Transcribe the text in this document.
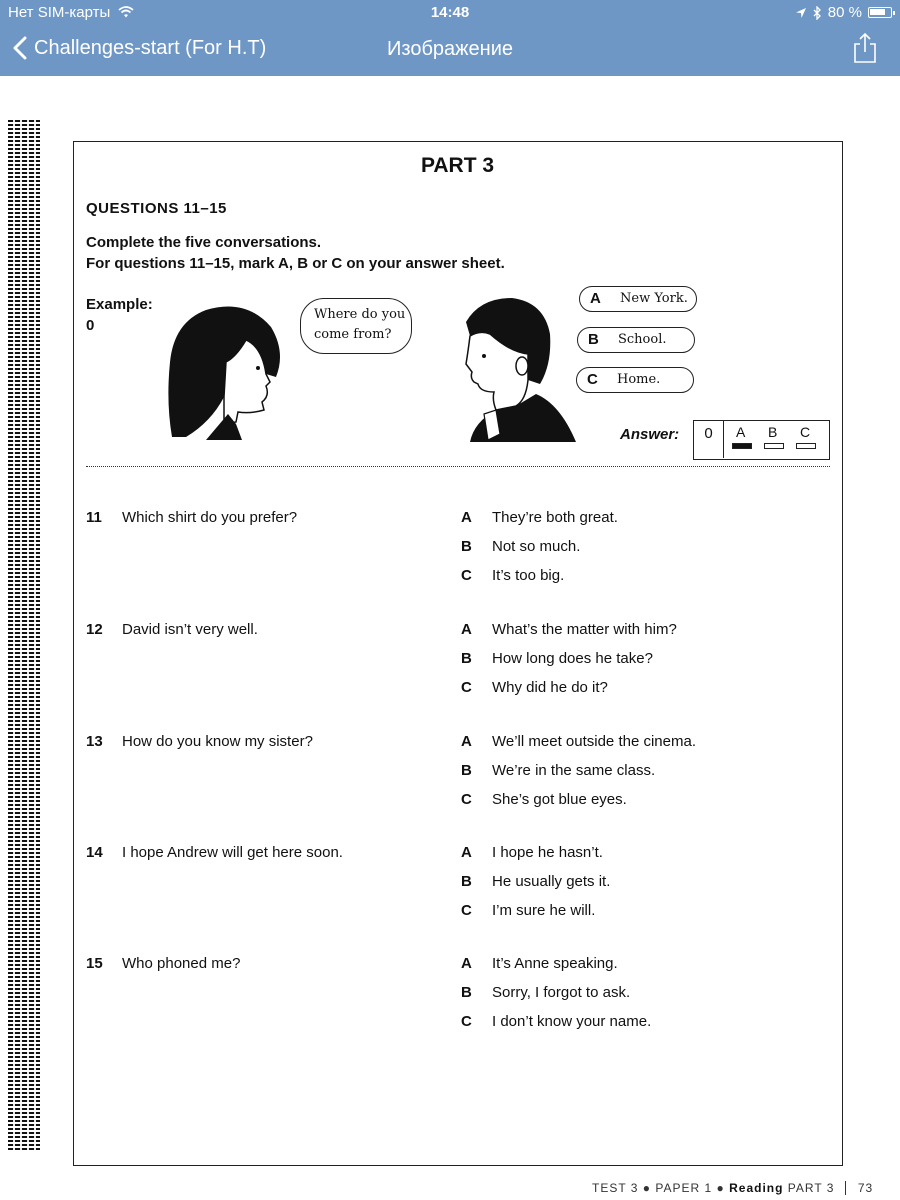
Нет SIM-карты	14:48	80 %
Challenges-start (For H.T)	Изображение
PART 3
QUESTIONS 11–15
Complete the five conversations.
For questions 11–15, mark A, B or C on your answer sheet.
Example:
0
Where do you
come from?
A New York.
B School.
C Home.
Answer:	0	A B C
11 Which shirt do you prefer?	A They’re both great.
B Not so much.
C It’s too big.
12 David isn’t very well.	A What’s the matter with him?
B How long does he take?
C Why did he do it?
13 How do you know my sister?	A We’ll meet outside the cinema.
B We’re in the same class.
C She’s got blue eyes.
14 I hope Andrew will get here soon.	A I hope he hasn’t.
B He usually gets it.
C I’m sure he will.
15 Who phoned me?	A It’s Anne speaking.
B Sorry, I forgot to ask.
C I don’t know your name.
TEST 3 ● PAPER 1 ● Reading PART 3 73
